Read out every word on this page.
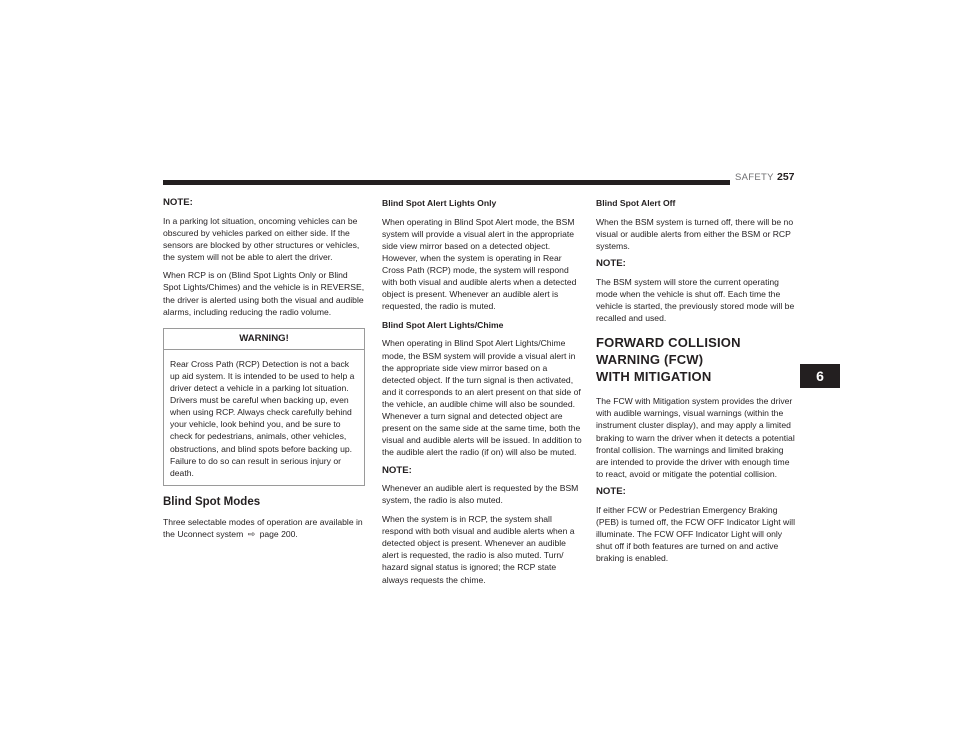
SAFETY 257

NOTE:

In a parking lot situation, oncoming vehicles can be obscured by vehicles parked on either side. If the sensors are blocked by other structures or vehicles, the system will not be able to alert the driver.

When RCP is on (Blind Spot Lights Only or Blind Spot Lights/Chimes) and the vehicle is in REVERSE, the driver is alerted using both the visual and audible alarms, including reducing the radio volume.

WARNING!
Rear Cross Path (RCP) Detection is not a back up aid system. It is intended to be used to help a driver detect a vehicle in a parking lot situation. Drivers must be careful when backing up, even when using RCP. Always check carefully behind your vehicle, look behind you, and be sure to check for pedestrians, animals, other vehicles, obstructions, and blind spots before backing up. Failure to do so can result in serious injury or death.
Blind Spot Modes

Three selectable modes of operation are available in the Uconnect system ⇨ page 200.

Blind Spot Alert Lights Only

When operating in Blind Spot Alert mode, the BSM system will provide a visual alert in the appropriate side view mirror based on a detected object. However, when the system is operating in Rear Cross Path (RCP) mode, the system will respond with both visual and audible alerts when a detected object is present. Whenever an audible alert is requested, the radio is muted.

Blind Spot Alert Lights/Chime

When operating in Blind Spot Alert Lights/Chime mode, the BSM system will provide a visual alert in the appropriate side view mirror based on a detected object. If the turn signal is then activated, and it corresponds to an alert present on that side of the vehicle, an audible chime will also be sounded. Whenever a turn signal and detected object are present on the same side at the same time, both the visual and audible alerts will be issued. In addition to the audible alert the radio (if on) will also be muted.

NOTE:

Whenever an audible alert is requested by the BSM system, the radio is also muted.

When the system is in RCP, the system shall respond with both visual and audible alerts when a detected object is present. Whenever an audible alert is requested, the radio is also muted. Turn/ hazard signal status is ignored; the RCP state always requests the chime.

Blind Spot Alert Off

When the BSM system is turned off, there will be no visual or audible alerts from either the BSM or RCP systems.

NOTE:

The BSM system will store the current operating mode when the vehicle is shut off. Each time the vehicle is started, the previously stored mode will be recalled and used.

FORWARD COLLISION WARNING (FCW)
WITH MITIGATION

The FCW with Mitigation system provides the driver with audible warnings, visual warnings (within the instrument cluster display), and may apply a limited braking to warn the driver when it detects a potential frontal collision. The warnings and limited braking are intended to provide the driver with enough time to react, avoid or mitigate the potential collision.

NOTE:

If either FCW or Pedestrian Emergency Braking (PEB) is turned off, the FCW OFF Indicator Light will illuminate. The FCW OFF Indicator Light will only shut off if both features are turned on and active braking is enabled.

6
